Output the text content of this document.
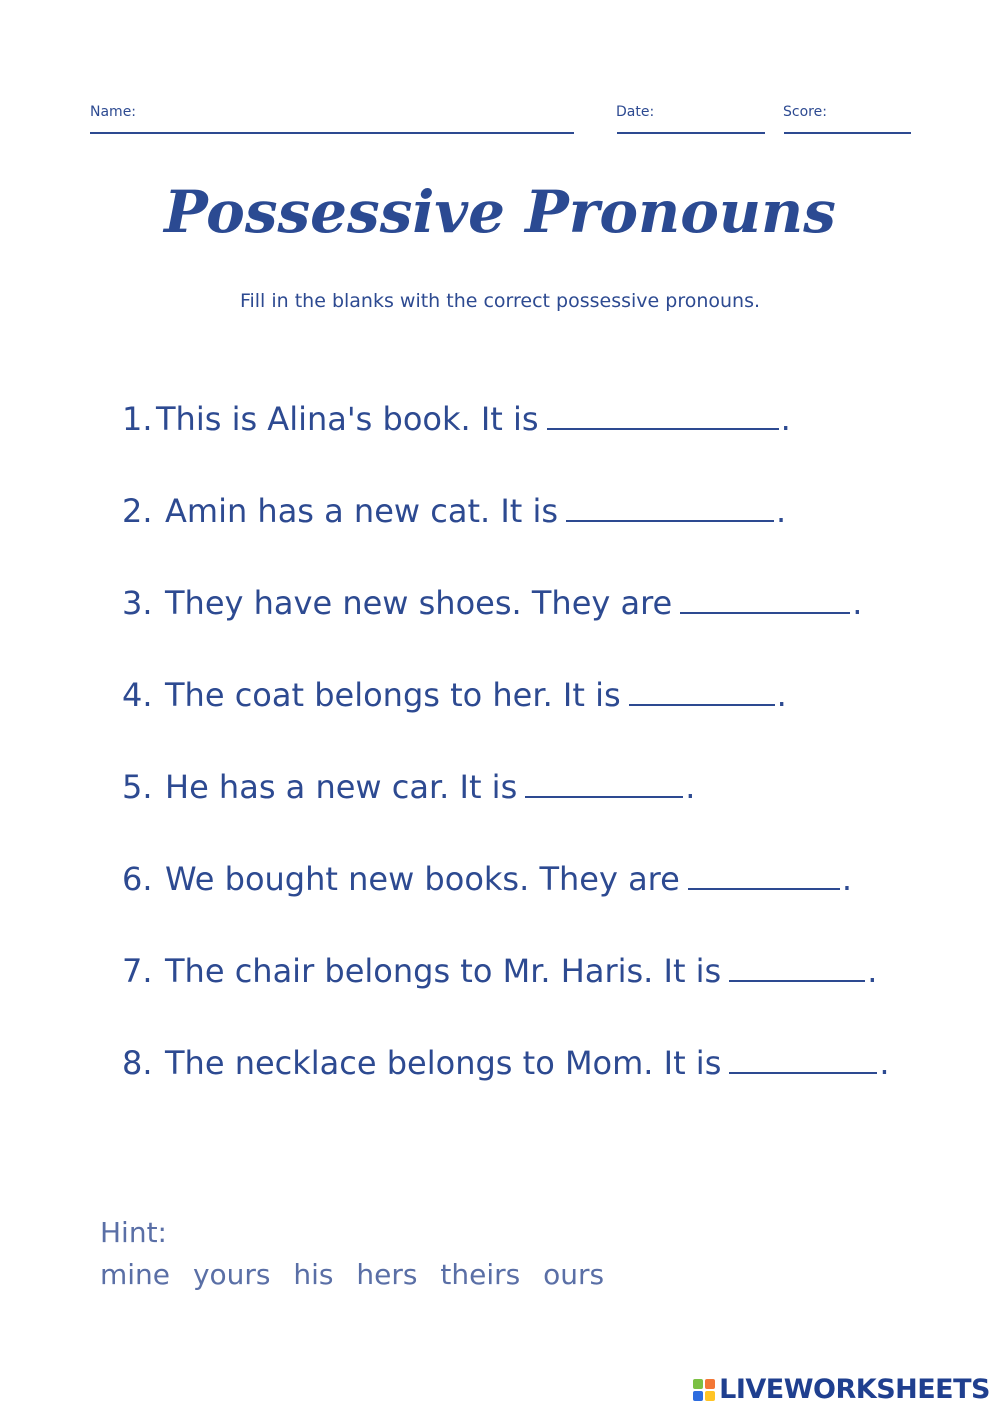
Name:	Date:	Score:
Possessive Pronouns
Fill in the blanks with the correct possessive pronouns.
1. This is Alina's book. It is	.
2. Amin has a new cat. It is	.
3. They have new shoes. They are	.
4. The coat belongs to her. It is	.
5. He has a new car. It is	.
6. We bought new books. They are	.
7. The chair belongs to Mr. Haris. It is	.
8. The necklace belongs to Mom. It is	.
Hint:
mine yours his hers theirs ours
LIVEWORKSHEETS
